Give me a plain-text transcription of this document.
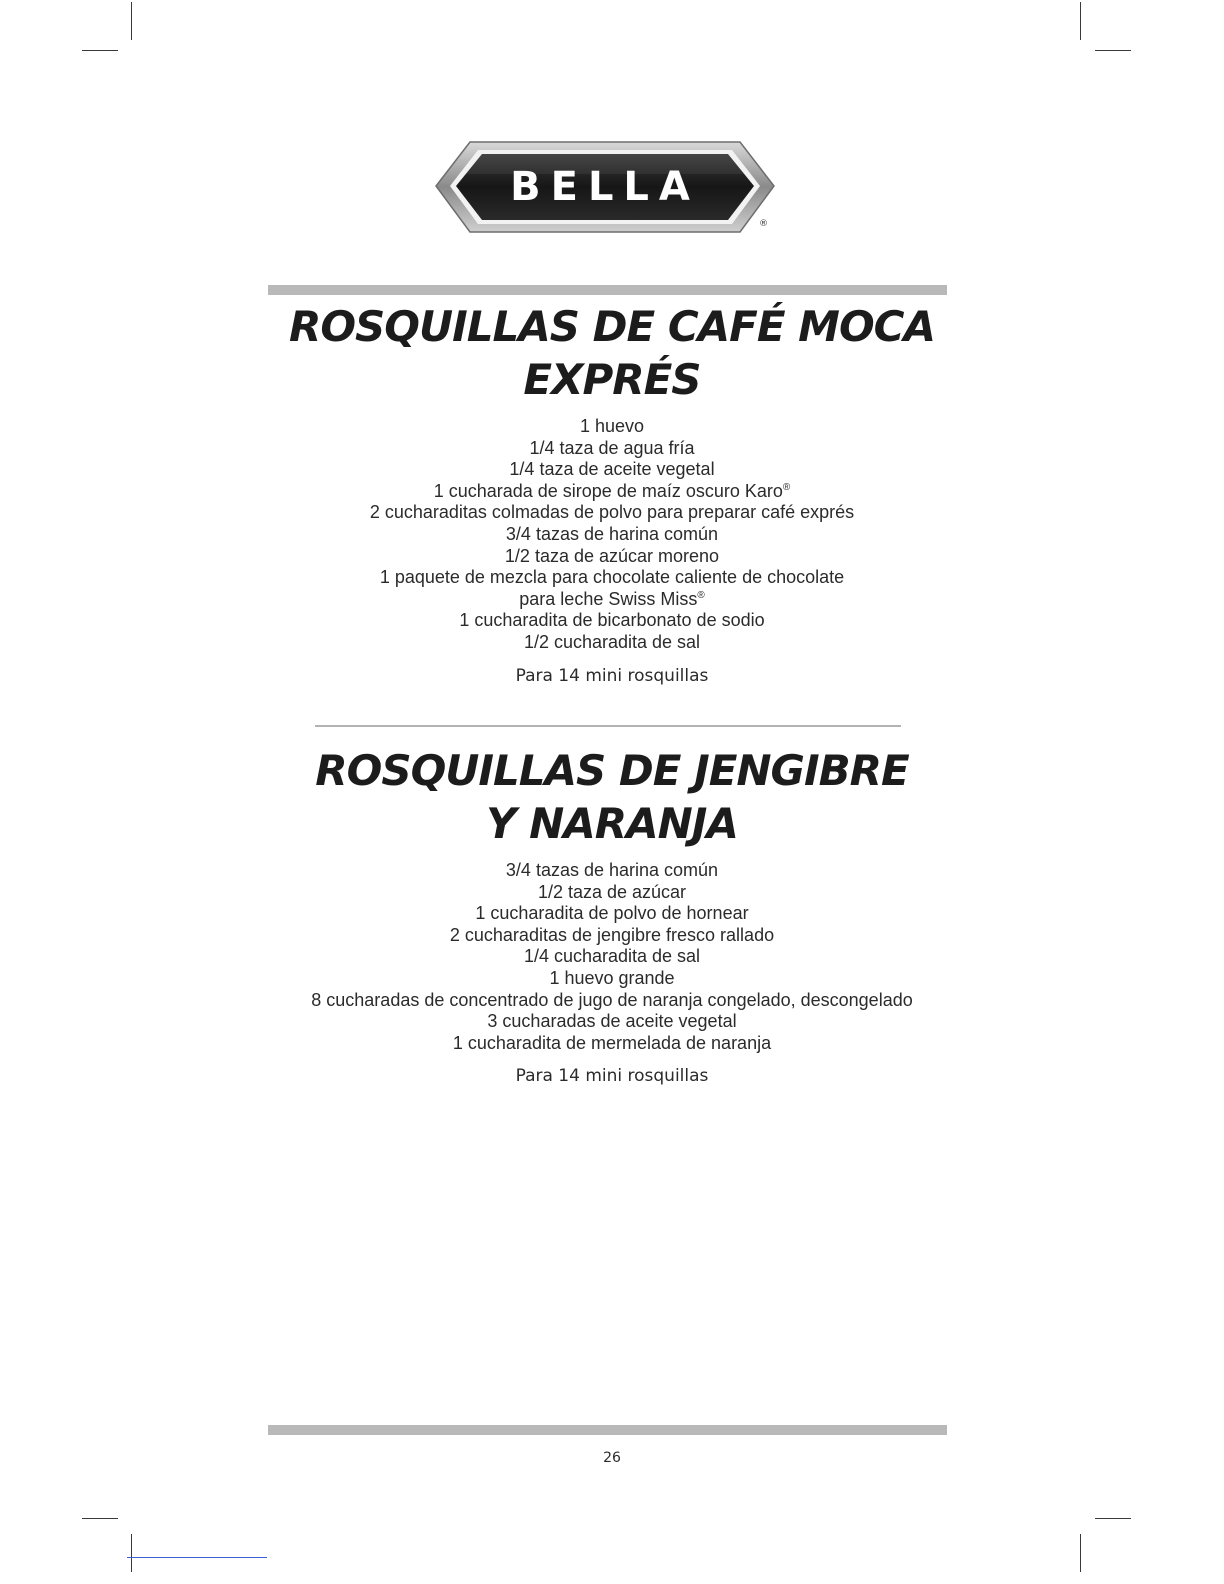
BELLA
®
ROSQUILLAS DE CAFÉ MOCA
EXPRÉS
1 huevo
1/4 taza de agua fría
1/4 taza de aceite vegetal
1 cucharada de sirope de maíz oscuro Karo®
2 cucharaditas colmadas de polvo para preparar café exprés
3/4 tazas de harina común
1/2 taza de azúcar moreno
1 paquete de mezcla para chocolate caliente de chocolate
para leche Swiss Miss®
1 cucharadita de bicarbonato de sodio
1/2 cucharadita de sal
Para 14 mini rosquillas
ROSQUILLAS DE JENGIBRE
Y NARANJA
3/4 tazas de harina común
1/2 taza de azúcar
1 cucharadita de polvo de hornear
2 cucharaditas de jengibre fresco rallado
1/4 cucharadita de sal
1 huevo grande
8 cucharadas de concentrado de jugo de naranja congelado, descongelado
3 cucharadas de aceite vegetal
1 cucharadita de mermelada de naranja
Para 14 mini rosquillas
26
